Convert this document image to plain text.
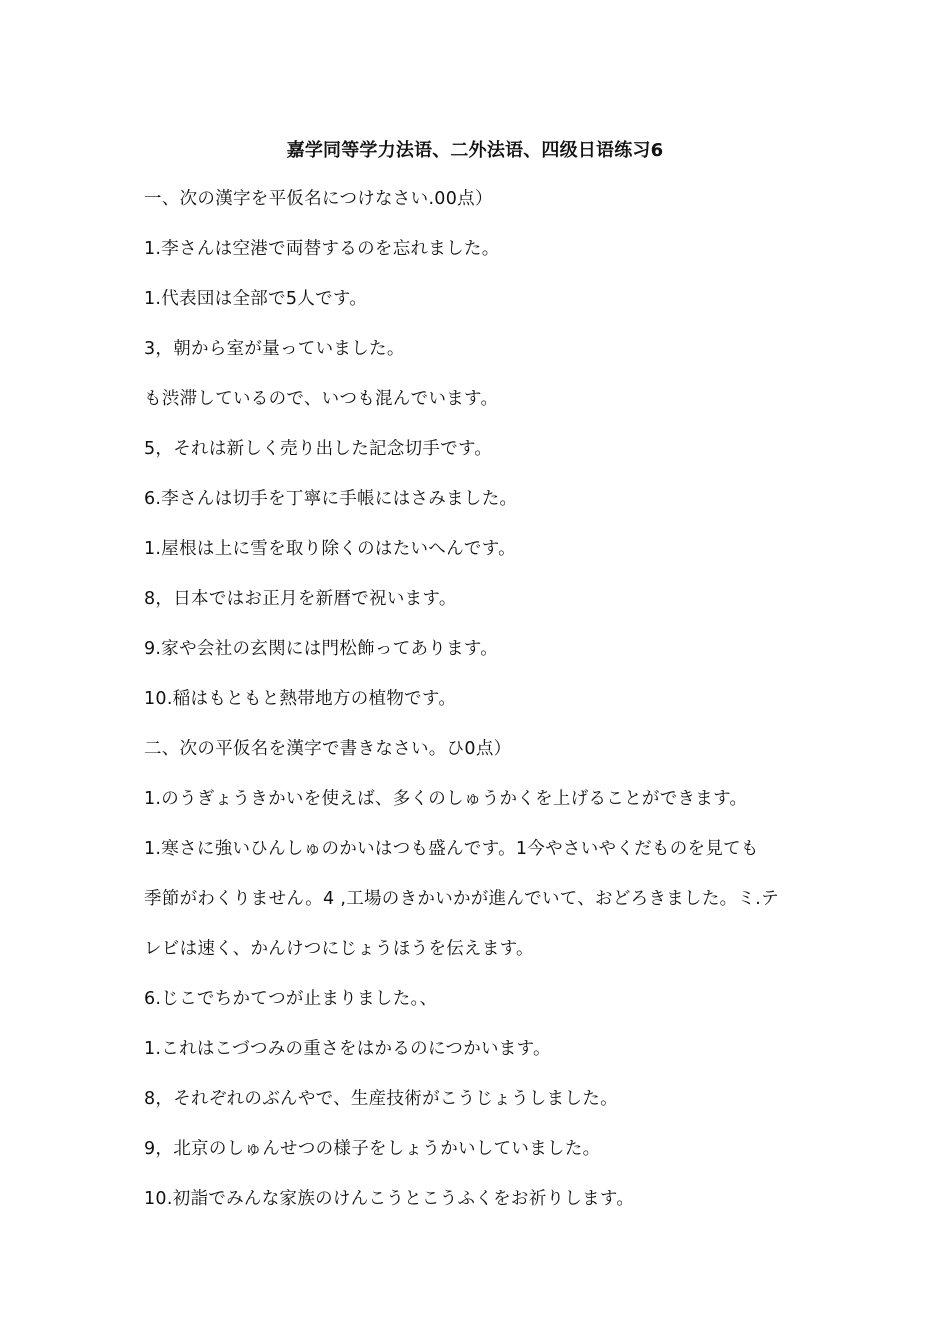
嘉学同等学力法语、二外法语、四级日语练习6
一、次の漢字を平仮名につけなさい.00点）
1.李さんは空港で両替するのを忘れました。
1.代表団は全部で5人です。
3，朝から室が量っていました。
も渋滞しているので、いつも混んでいます。
5，それは新しく売り出した記念切手です。
6.李さんは切手を丁寧に手帳にはさみました。
1.屋根は上に雪を取り除くのはたいへんです。
8，日本ではお正月を新暦で祝います。
9.家や会社の玄関には門松飾ってあります。
10.稲はもともと熱帯地方の植物です。
二、次の平仮名を漢字で書きなさい。ひ0点）
1.のうぎょうきかいを使えば、多くのしゅうかくを上げることができます。
1.寒さに強いひんしゅのかいはつも盛んです。1今やさいやくだものを見ても
季節がわくりません。4 ,工場のきかいかが進んでいて、おどろきました。ミ.テ
レビは速く、かんけつにじょうほうを伝えます。
6.じこでちかてつが止まりました。、
1.これはこづつみの重さをはかるのにつかいます。
8，それぞれのぶんやで、生産技術がこうじょうしました。
9，北京のしゅんせつの様子をしょうかいしていました。
10.初詣でみんな家族のけんこうとこうふくをお祈りします。
